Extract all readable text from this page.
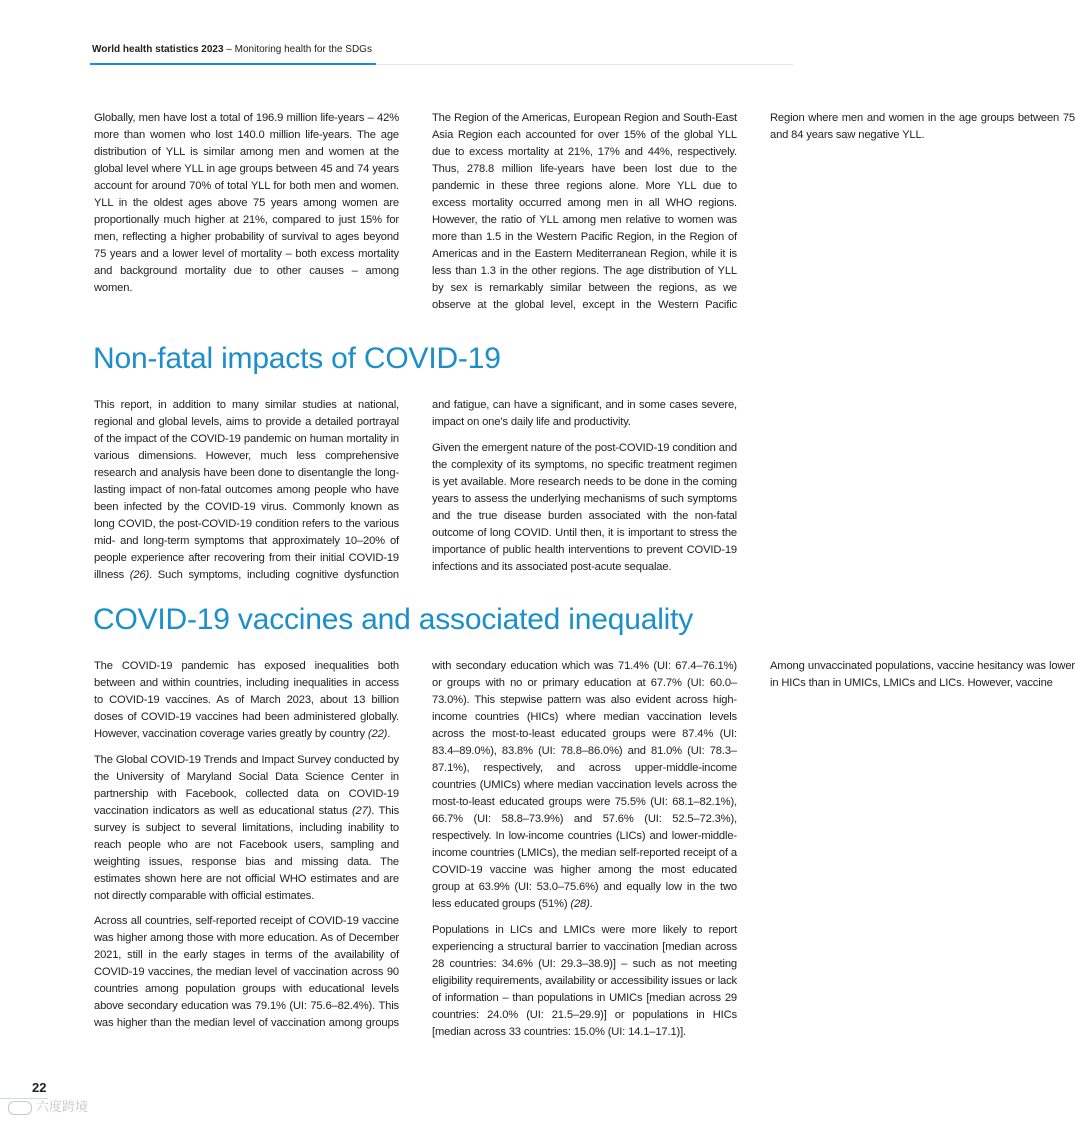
World health statistics 2023 – Monitoring health for the SDGs

Globally, men have lost a total of 196.9 million life-years – 42% more than women who lost 140.0 million life-years. The age distribution of YLL is similar among men and women at the global level where YLL in age groups between 45 and 74 years account for around 70% of total YLL for both men and women. YLL in the oldest ages above 75 years among women are proportionally much higher at 21%, compared to just 15% for men, reflecting a higher probability of survival to ages beyond 75 years and a lower level of mortality – both excess mortality and background mortality due to other causes – among women.

The Region of the Americas, European Region and South-East Asia Region each accounted for over 15% of the global YLL due to excess mortality at 21%, 17% and 44%, respectively. Thus, 278.8 million life-years have been lost due to the pandemic in these three regions alone. More YLL due to excess mortality occurred among men in all WHO regions. However, the ratio of YLL among men relative to women was more than 1.5 in the Western Pacific Region, in the Region of Americas and in the Eastern Mediterranean Region, while it is less than 1.3 in the other regions. The age distribution of YLL by sex is remarkably similar between the regions, as we observe at the global level, except in the Western Pacific Region where men and women in the age groups between 75 and 84 years saw negative YLL.

Non-fatal impacts of COVID-19

This report, in addition to many similar studies at national, regional and global levels, aims to provide a detailed portrayal of the impact of the COVID-19 pandemic on human mortality in various dimensions. However, much less comprehensive research and analysis have been done to disentangle the long-lasting impact of non-fatal outcomes among people who have been infected by the COVID-19 virus. Commonly known as long COVID, the post-COVID-19 condition refers to the various mid- and long-term symptoms that approximately 10–20% of people experience after recovering from their initial COVID-19 illness (26). Such symptoms, including cognitive dysfunction and fatigue, can have a significant, and in some cases severe, impact on one’s daily life and productivity.

Given the emergent nature of the post-COVID-19 condition and the complexity of its symptoms, no specific treatment regimen is yet available. More research needs to be done in the coming years to assess the underlying mechanisms of such symptoms and the true disease burden associated with the non-fatal outcome of long COVID. Until then, it is important to stress the importance of public health interventions to prevent COVID-19 infections and its associated post-acute sequalae.

COVID-19 vaccines and associated inequality

The COVID-19 pandemic has exposed inequalities both between and within countries, including inequalities in access to COVID-19 vaccines. As of March 2023, about 13 billion doses of COVID-19 vaccines had been administered globally. However, vaccination coverage varies greatly by country (22).

The Global COVID-19 Trends and Impact Survey conducted by the University of Maryland Social Data Science Center in partnership with Facebook, collected data on COVID-19 vaccination indicators as well as educational status (27). This survey is subject to several limitations, including inability to reach people who are not Facebook users, sampling and weighting issues, response bias and missing data. The estimates shown here are not official WHO estimates and are not directly comparable with official estimates.

Across all countries, self-reported receipt of COVID-19 vaccine was higher among those with more education. As of December 2021, still in the early stages in terms of the availability of COVID-19 vaccines, the median level of vaccination across 90 countries among population groups with educational levels above secondary education was 79.1% (UI: 75.6–82.4%). This was higher than the median level of vaccination among groups with secondary education which was 71.4% (UI: 67.4–76.1%) or groups with no or primary education at 67.7% (UI: 60.0–73.0%). This stepwise pattern was also evident across high-income countries (HICs) where median vaccination levels across the most-to-least educated groups were 87.4% (UI: 83.4–89.0%), 83.8% (UI: 78.8–86.0%) and 81.0% (UI: 78.3–87.1%), respectively, and across upper-middle-income countries (UMICs) where median vaccination levels across the most-to-least educated groups were 75.5% (UI: 68.1–82.1%), 66.7% (UI: 58.8–73.9%) and 57.6% (UI: 52.5–72.3%), respectively. In low-income countries (LICs) and lower-middle-income countries (LMICs), the median self-reported receipt of a COVID-19 vaccine was higher among the most educated group at 63.9% (UI: 53.0–75.6%) and equally low in the two less educated groups (51%) (28).

Populations in LICs and LMICs were more likely to report experiencing a structural barrier to vaccination [median across 28 countries: 34.6% (UI: 29.3–38.9)] – such as not meeting eligibility requirements, availability or accessibility issues or lack of information – than populations in UMICs [median across 29 countries: 24.0% (UI: 21.5–29.9)] or populations in HICs [median across 33 countries: 15.0% (UI: 14.1–17.1)].

Among unvaccinated populations, vaccine hesitancy was lower in HICs than in UMICs, LMICs and LICs. However, vaccine

22
六度跨境
